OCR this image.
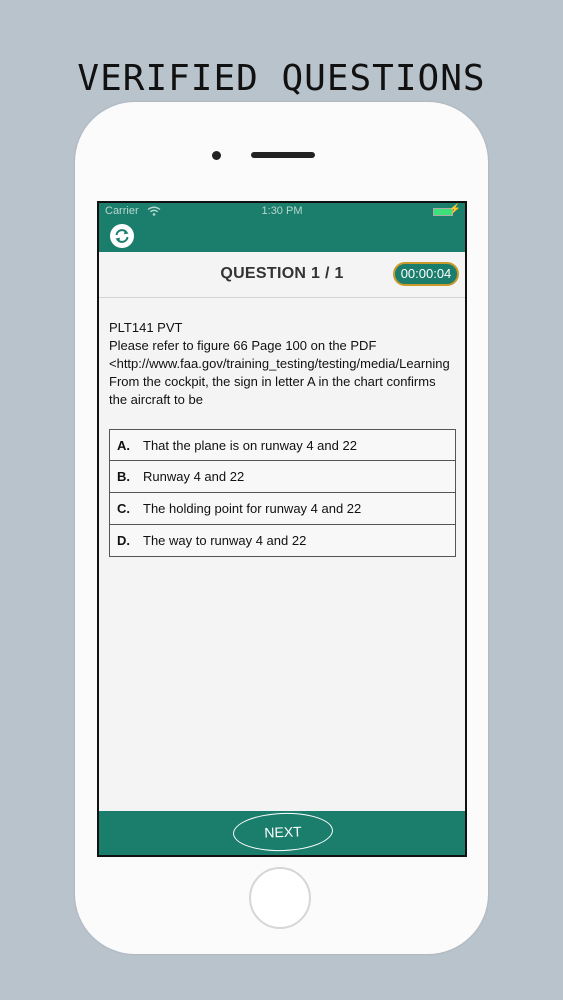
VERIFIED QUESTIONS
Carrier	1:30 PM	⚡
QUESTION 1 / 1	00:00:04
PLT141 PVT
Please refer to figure 66 Page 100 on the PDF
<http://www.faa.gov/training_testing/testing/media/Learning
From the cockpit, the sign in letter A in the chart confirms
the aircraft to be
A.	That the plane is on runway 4 and 22
B.	Runway 4 and 22
C.	The holding point for runway 4 and 22
D.	The way to runway 4 and 22
NEXT
